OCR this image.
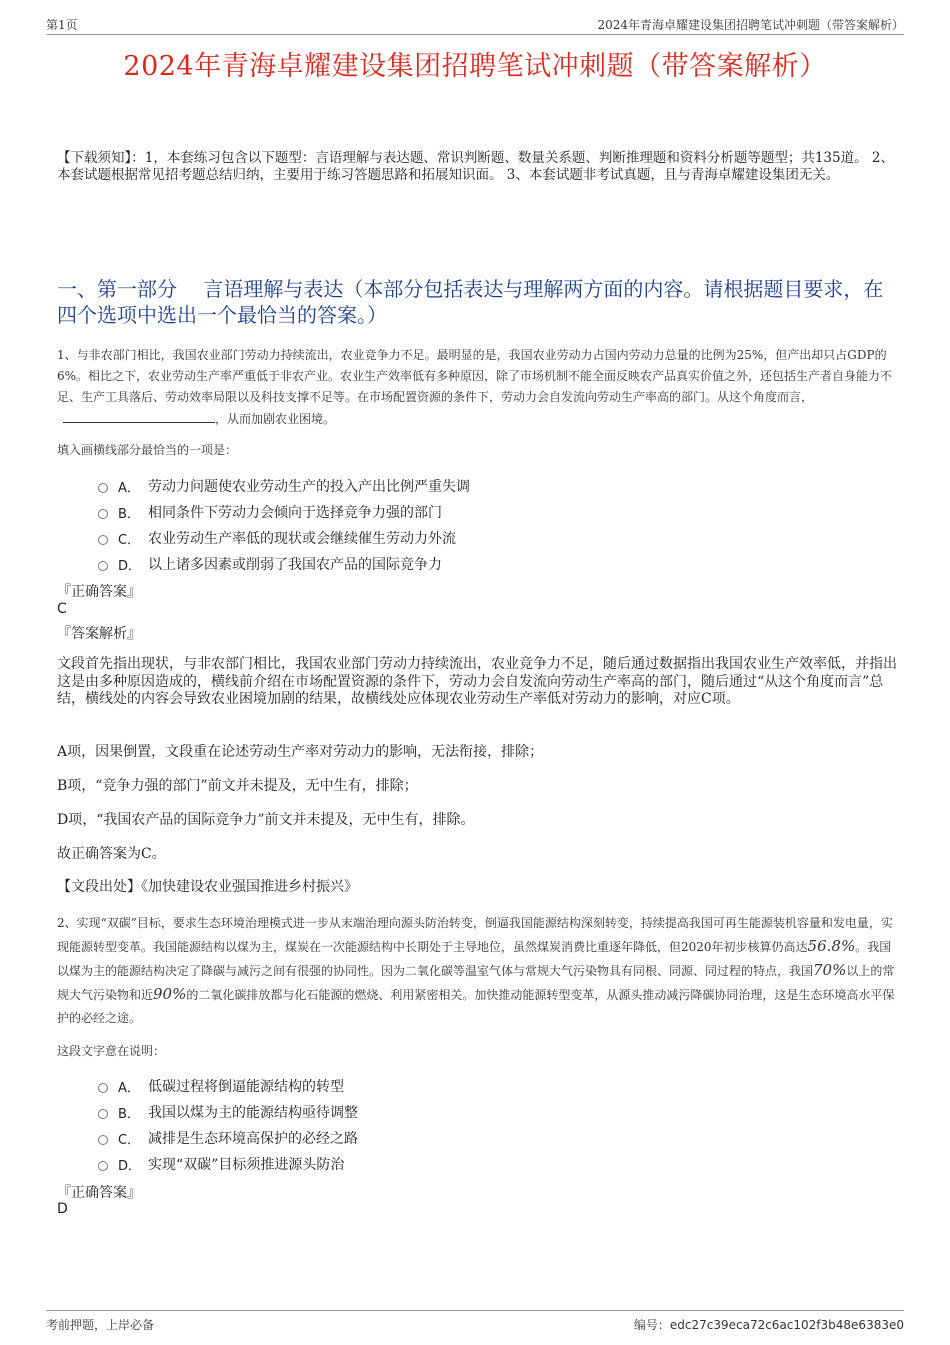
第1页	2024年青海卓耀建设集团招聘笔试冲刺题（带答案解析）
2024年青海卓耀建设集团招聘笔试冲刺题（带答案解析）
【下载须知】：1，本套练习包含以下题型：言语理解与表达题、常识判断题、数量关系题、判断推理题和资料分析题等题型；共135道。 2、本套试题根据常见招考题总结归纳，主要用于练习答题思路和拓展知识面。 3、本套试题非考试真题，且与青海卓耀建设集团无关。
一、第一部分　 言语理解与表达（本部分包括表达与理解两方面的内容。请根据题目要求，在四个选项中选出一个最恰当的答案。）
1、与非农部门相比，我国农业部门劳动力持续流出，农业竞争力不足。最明显的是，我国农业劳动力占国内劳动力总量的比例为25%，但产出却只占GDP的6%。相比之下，农业劳动生产率严重低于非农产业。农业生产效率低有多种原因，除了市场机制不能全面反映农产品真实价值之外，还包括生产者自身能力不足、生产工具落后、劳动效率局限以及科技支撑不足等。在市场配置资源的条件下，劳动力会自发流向劳动生产率高的部门。从这个角度而言，，从而加剧农业困境。
填入画横线部分最恰当的一项是：
A． 劳动力问题使农业劳动生产的投入产出比例严重失调
B． 相同条件下劳动力会倾向于选择竞争力强的部门
C． 农业劳动生产率低的现状或会继续催生劳动力外流
D． 以上诸多因素或削弱了我国农产品的国际竞争力
『正确答案』
C
『答案解析』
文段首先指出现状，与非农部门相比，我国农业部门劳动力持续流出，农业竞争力不足，随后通过数据指出我国农业生产效率低，并指出这是由多种原因造成的，横线前介绍在市场配置资源的条件下，劳动力会自发流向劳动生产率高的部门，随后通过“从这个角度而言”总结，横线处的内容会导致农业困境加剧的结果，故横线处应体现农业劳动生产率低对劳动力的影响，对应C项。
A项，因果倒置，文段重在论述劳动生产率对劳动力的影响，无法衔接，排除；
B项，“竞争力强的部门”前文并未提及，无中生有，排除；
D项，“我国农产品的国际竞争力”前文并未提及，无中生有，排除。
故正确答案为C。
【文段出处】《加快建设农业强国推进乡村振兴》
2、实现“双碳”目标，要求生态环境治理模式进一步从末端治理向源头防治转变，倒逼我国能源结构深刻转变，持续提高我国可再生能源装机容量和发电量，实现能源转型变革。我国能源结构以煤为主，煤炭在一次能源结构中长期处于主导地位，虽然煤炭消费比重逐年降低，但2020年初步核算仍高达56.8%。我国以煤为主的能源结构决定了降碳与减污之间有很强的协同性。因为二氧化碳等温室气体与常规大气污染物具有同根、同源、同过程的特点，我国70%以上的常规大气污染物和近90%的二氧化碳排放都与化石能源的燃烧、利用紧密相关。加快推动能源转型变革，从源头推动减污降碳协同治理，这是生态环境高水平保护的必经之途。
这段文字意在说明：
A． 低碳过程将倒逼能源结构的转型
B． 我国以煤为主的能源结构亟待调整
C． 减排是生态环境高保护的必经之路
D． 实现“双碳”目标须推进源头防治
『正确答案』
D
考前押题，上岸必备	编号：edc27c39eca72c6ac102f3b48e6383e0
